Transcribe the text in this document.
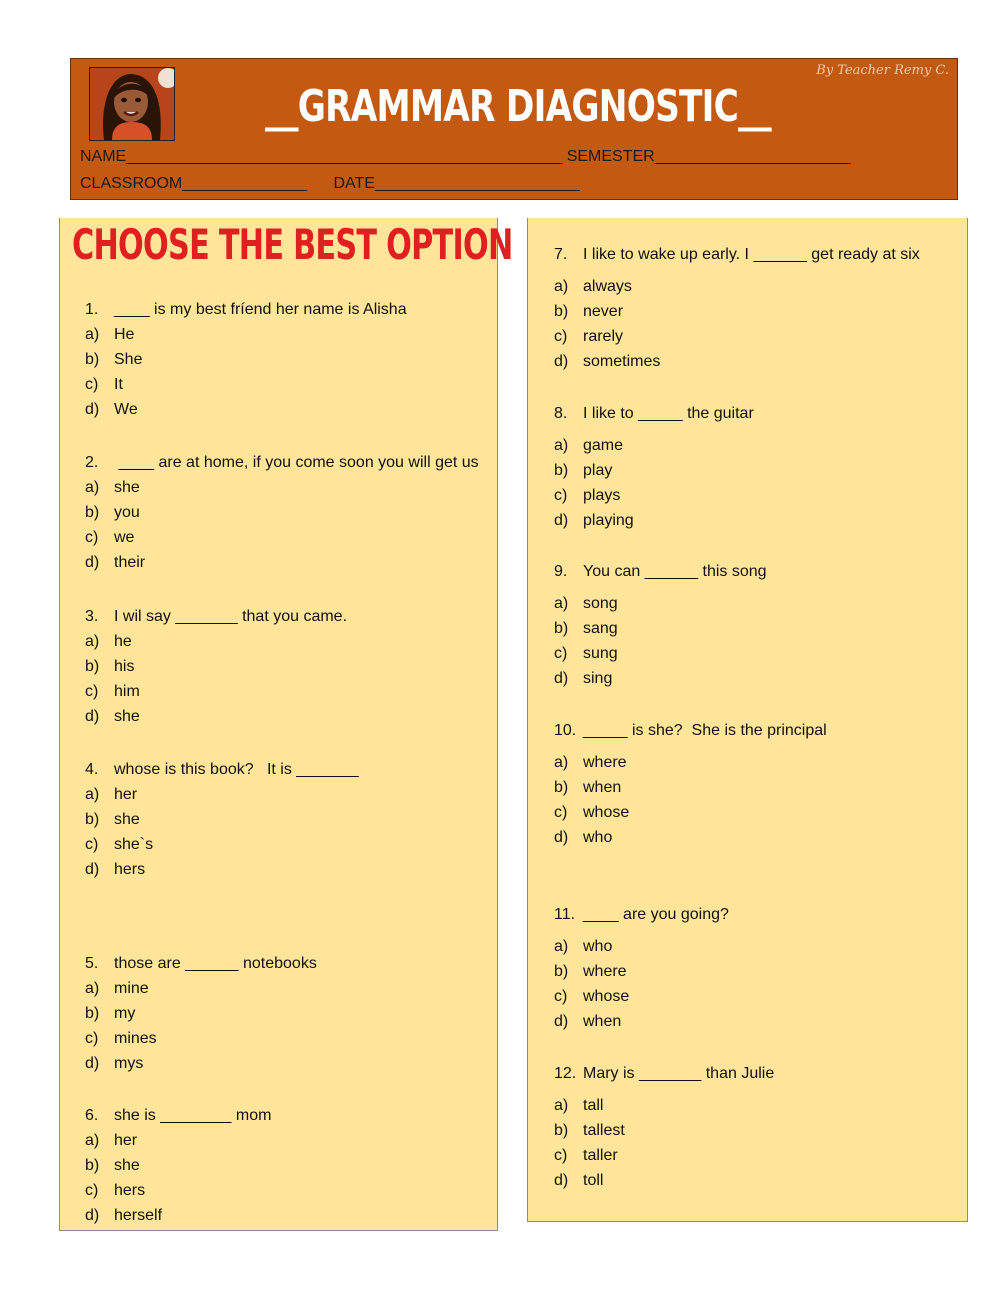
By Teacher Remy C.
__GRAMMAR DIAGNOSTIC__
NAME_________________________________________________ SEMESTER______________________
CLASSROOM______________      DATE_______________________
CHOOSE THE BEST OPTION
1. ____ is my best fríend her name is Alisha
a) He
b) She
c) It
d) We
2. ____ are at home, if you come soon you will get us
a) she
b) you
c) we
d) their
3. I wil say _______ that you came.
a) he
b) his
c) him
d) she
4. whose is this book?   It is _______
a) her
b) she
c) she`s
d) hers
5. those are ______ notebooks
a) mine
b) my
c) mines
d) mys
6. she is ________ mom
a) her
b) she
c) hers
d) herself
7. I like to wake up early. I ______ get ready at six
a) always
b) never
c) rarely
d) sometimes
8. I like to _____ the guitar
a) game
b) play
c) plays
d) playing
9. You can ______ this song
a) song
b) sang
c) sung
d) sing
10. _____ is she?  She is the principal
a) where
b) when
c) whose
d) who
11. ____ are you going?
a) who
b) where
c) whose
d) when
12. Mary is _______ than Julie
a) tall
b) tallest
c) taller
d) toll
